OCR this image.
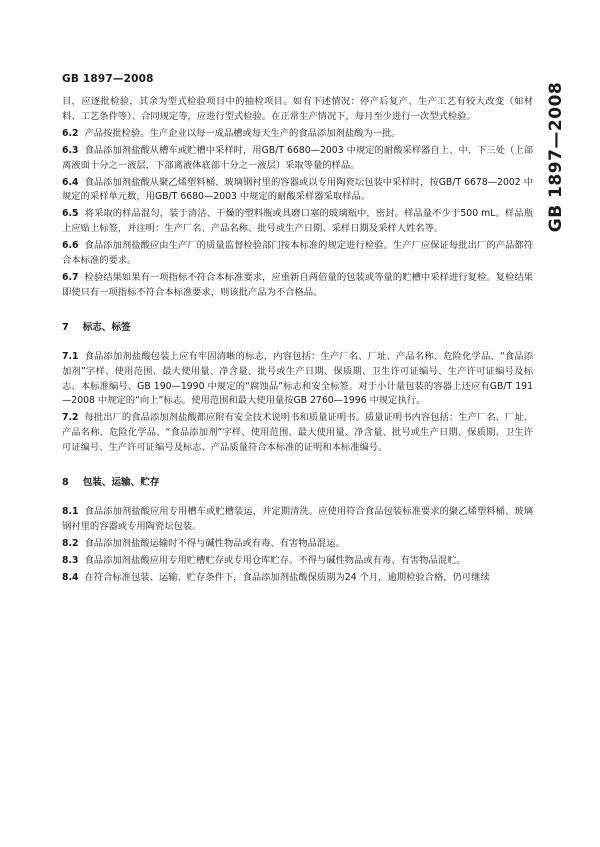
GB 1897—2008
GB 1897—2008

目，应逐批检验，其余为型式检验项目中的抽检项目。如有下述情况：停产后复产、生产工艺有较大改变（如材料、工艺条件等）、合同规定等，应进行型式检验。在正常生产情况下，每月至少进行一次型式检验。

6.2 产品按批检验。生产企业以每一成品槽或每天生产的食品添加剂盐酸为一批。

6.3 食品添加剂盐酸从槽车或贮槽中采样时，用GB/T 6680—2003 中规定的耐酸采样器自上、中、下三处（上部离液面十分之一液层，下部离液体底部十分之一液层）采取等量的样品。

6.4 食品添加剂盐酸从聚乙烯塑料桶、玻璃钢衬里的容器或以专用陶瓷坛包装中采样时，按GB/T 6678—2002 中规定的采样单元数，用GB/T 6680—2003 中规定的耐酸采样器采取样品。

6.5 将采取的样品混匀，装于清洁、干燥的塑料瓶或具磨口塞的玻璃瓶中，密封。样品量不少于500 mL。样品瓶上应贴上标签，并注明：生产厂名、产品名称、批号或生产日期、采样日期及采样人姓名等。

6.6 食品添加剂盐酸应由生产厂的质量监督检验部门按本标准的规定进行检验。生产厂应保证每批出厂的产品都符合本标准的要求。

6.7 检验结果如果有一项指标不符合本标准要求，应重新自两倍量的包装或等量的贮槽中采样进行复检。复检结果即使只有一项指标不符合本标准要求，则该批产品为不合格品。

7 标志、标签

7.1 食品添加剂盐酸包装上应有牢固清晰的标志，内容包括：生产厂名、厂址、产品名称、危险化学品、“食品添加剂”字样、使用范围、最大使用量、净含量、批号或生产日期、保质期、卫生许可证编号、生产许可证编号及标志、本标准编号、GB 190—1990 中规定的“腐蚀品”标志和安全标签。对于小计量包装的容器上还应有GB/T 191—2008 中规定的“向上”标志。使用范围和最大使用量按GB 2760—1996 中规定执行。

7.2 每批出厂的食品添加剂盐酸都应附有安全技术说明书和质量证明书。质量证明书内容包括：生产厂名、厂址、产品名称、危险化学品、“食品添加剂”字样、使用范围、最大使用量、净含量、批号或生产日期、保质期、卫生许可证编号、生产许可证编号及标志、产品质量符合本标准的证明和本标准编号。

8 包装、运输、贮存

8.1 食品添加剂盐酸应用专用槽车或贮槽装运，并定期清洗。应使用符合食品包装标准要求的聚乙烯塑料桶、玻璃钢衬里的容器或专用陶瓷坛包装。

8.2 食品添加剂盐酸运输时不得与碱性物品或有毒、有害物品混运。

8.3 食品添加剂盐酸应用专用贮槽贮存或专用仓库贮存。不得与碱性物品或有毒、有害物品混贮。

8.4 在符合标准包装、运输、贮存条件下，食品添加剂盐酸保质期为24 个月，逾期检验合格，仍可继续
